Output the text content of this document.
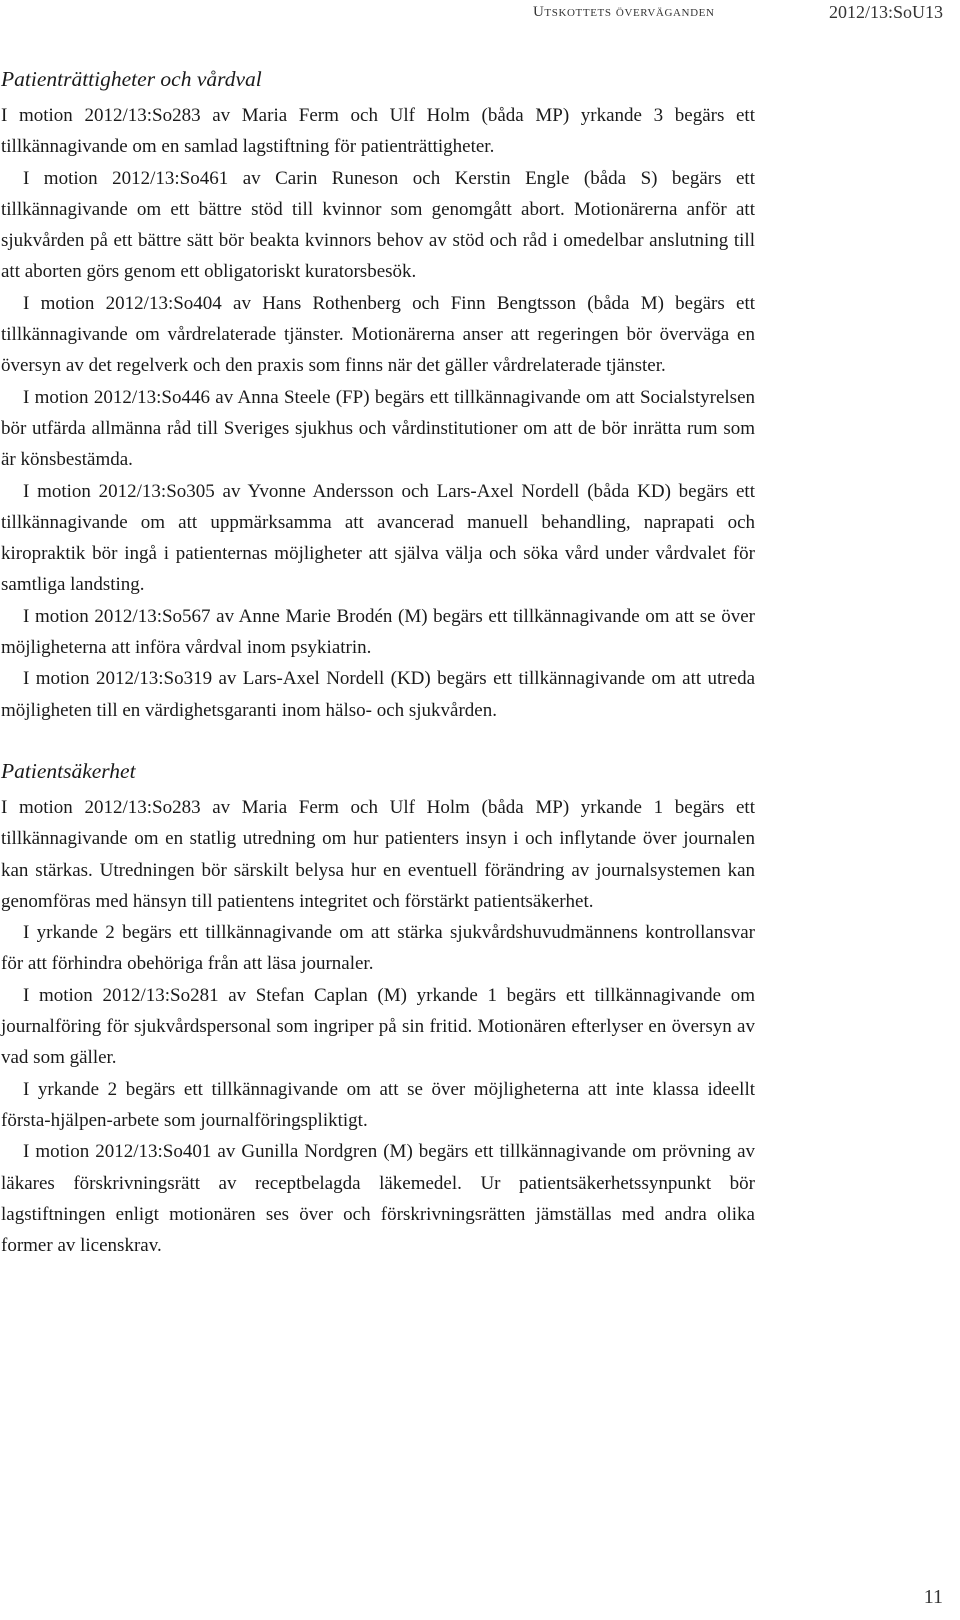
Utskottets överväganden	2012/13:SoU13
Patienträttigheter och vårdval

I motion 2012/13:So283 av Maria Ferm och Ulf Holm (båda MP) yrkande 3 begärs ett tillkännagivande om en samlad lagstiftning för patienträttigheter.

I motion 2012/13:So461 av Carin Runeson och Kerstin Engle (båda S) begärs ett tillkännagivande om ett bättre stöd till kvinnor som genomgått abort. Motionärerna anför att sjukvården på ett bättre sätt bör beakta kvinnors behov av stöd och råd i omedelbar anslutning till att aborten görs genom ett obligatoriskt kuratorsbesök.

I motion 2012/13:So404 av Hans Rothenberg och Finn Bengtsson (båda M) begärs ett tillkännagivande om vårdrelaterade tjänster. Motionärerna anser att regeringen bör överväga en översyn av det regelverk och den praxis som finns när det gäller vårdrelaterade tjänster.

I motion 2012/13:So446 av Anna Steele (FP) begärs ett tillkännagivande om att Socialstyrelsen bör utfärda allmänna råd till Sveriges sjukhus och vårdinstitutioner om att de bör inrätta rum som är könsbestämda.

I motion 2012/13:So305 av Yvonne Andersson och Lars-Axel Nordell (båda KD) begärs ett tillkännagivande om att uppmärksamma att avancerad manuell behandling, naprapati och kiropraktik bör ingå i patienternas möjligheter att själva välja och söka vård under vårdvalet för samtliga landsting.

I motion 2012/13:So567 av Anne Marie Brodén (M) begärs ett tillkännagivande om att se över möjligheterna att införa vårdval inom psykiatrin.

I motion 2012/13:So319 av Lars-Axel Nordell (KD) begärs ett tillkännagivande om att utreda möjligheten till en värdighetsgaranti inom hälso- och sjukvården.

Patientsäkerhet

I motion 2012/13:So283 av Maria Ferm och Ulf Holm (båda MP) yrkande 1 begärs ett tillkännagivande om en statlig utredning om hur patienters insyn i och inflytande över journalen kan stärkas. Utredningen bör särskilt belysa hur en eventuell förändring av journalsystemen kan genomföras med hänsyn till patientens integritet och förstärkt patientsäkerhet.

I yrkande 2 begärs ett tillkännagivande om att stärka sjukvårdshuvudmännens kontrollansvar för att förhindra obehöriga från att läsa journaler.

I motion 2012/13:So281 av Stefan Caplan (M) yrkande 1 begärs ett tillkännagivande om journalföring för sjukvårdspersonal som ingriper på sin fritid. Motionären efterlyser en översyn av vad som gäller.

I yrkande 2 begärs ett tillkännagivande om att se över möjligheterna att inte klassa ideellt första-hjälpen-arbete som journalföringspliktigt.

I motion 2012/13:So401 av Gunilla Nordgren (M) begärs ett tillkännagivande om prövning av läkares förskrivningsrätt av receptbelagda läkemedel. Ur patientsäkerhetssynpunkt bör lagstiftningen enligt motionären ses över och förskrivningsrätten jämställas med andra olika former av licenskrav.

11
